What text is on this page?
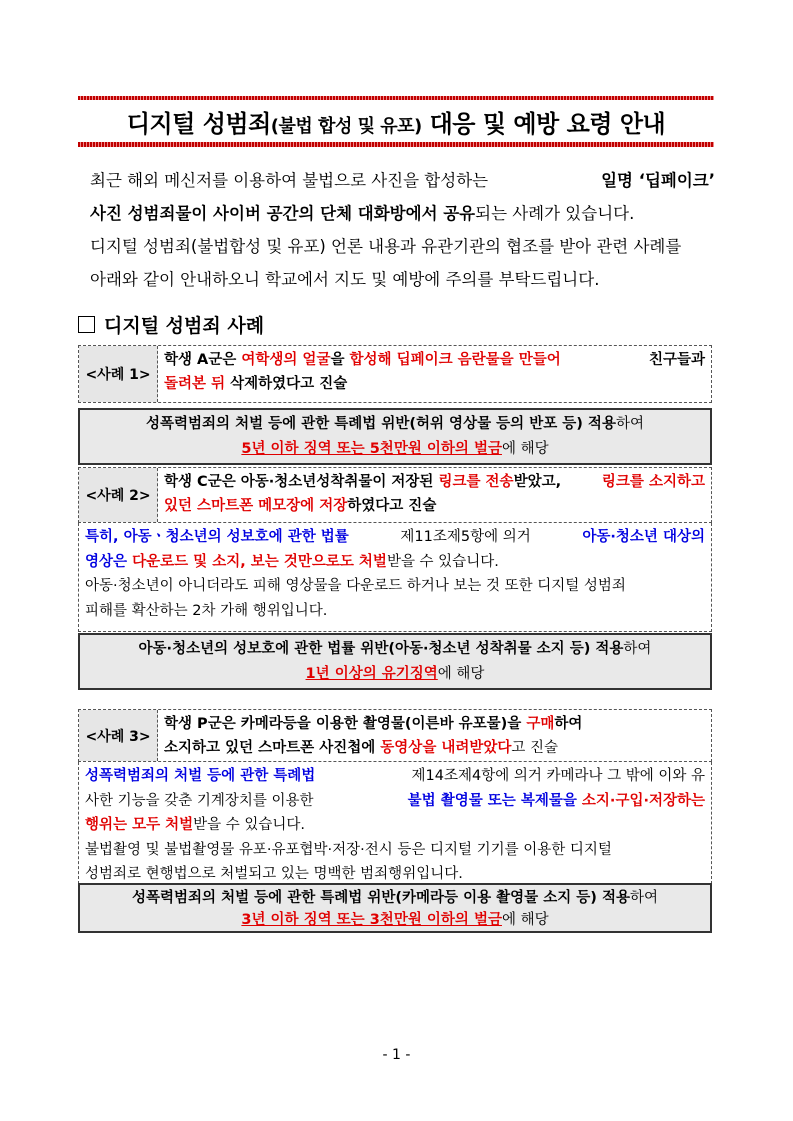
디지털 성범죄(불법 합성 및 유포) 대응 및 예방 요령 안내
최근 해외 메신저를 이용하여 불법으로 사진을 합성하는	일명 ‘딥페이크’
사진 성범죄물이 사이버 공간의 단체 대화방에서 공유 되는 사례가 있습니다.
디지털 성범죄(불법합성 및 유포) 언론 내용과 유관기관의 협조를 받아 관련 사례를
아래와 같이 안내하오니 학교에서 지도 및 예방에 주의를 부탁드립니다.
디지털 성범죄 사례
<사례 1>
학생 A군은 여학생의 얼굴을 합성해 딥페이크 음란물을 만들어	친구들과
돌려본 뒤 삭제하였다고 진술
성폭력범죄의 처벌 등에 관한 특례법 위반(허위 영상물 등의 반포 등) 적용하여
5년 이하 징역 또는 5천만원 이하의 벌금에 해당
<사례 2>
학생 C군은 아동·청소년성착취물이 저장된 링크를 전송받았고,	링크를 소지하고
있던 스마트폰 메모장에 저장하였다고 진술
특히, 아동ㆍ청소년의 성보호에 관한 법률	제11조제5항에 의거	아동·청소년 대상의
영상은 다운로드 및 소지, 보는 것만으로도 처벌받을 수 있습니다.
아동·청소년이 아니더라도 피해 영상물을 다운로드 하거나 보는 것 또한 디지털 성범죄
피해를 확산하는 2차 가해 행위입니다.
아동·청소년의 성보호에 관한 법률 위반(아동·청소년 성착취물 소지 등) 적용하여
1년 이상의 유기징역에 해당
<사례 3>
학생 P군은 카메라등을 이용한 촬영물(이른바 유포물)을 구매하여
소지하고 있던 스마트폰 사진첩에 동영상을 내려받았다고 진술
성폭력범죄의 처벌 등에 관한 특례법	제14조제4항에 의거 카메라나 그 밖에 이와 유
사한 기능을 갖춘 기계장치를 이용한	불법 촬영물 또는 복제물을 소지·구입·저장하는
행위는 모두 처벌받을 수 있습니다.
불법촬영 및 불법촬영물 유포·유포협박·저장·전시 등은 디지털 기기를 이용한 디지털
성범죄로 현행법으로 처벌되고 있는 명백한 범죄행위입니다.
성폭력범죄의 처벌 등에 관한 특례법 위반(카메라등 이용 촬영물 소지 등) 적용하여
3년 이하 징역 또는 3천만원 이하의 벌금에 해당
- 1 -
